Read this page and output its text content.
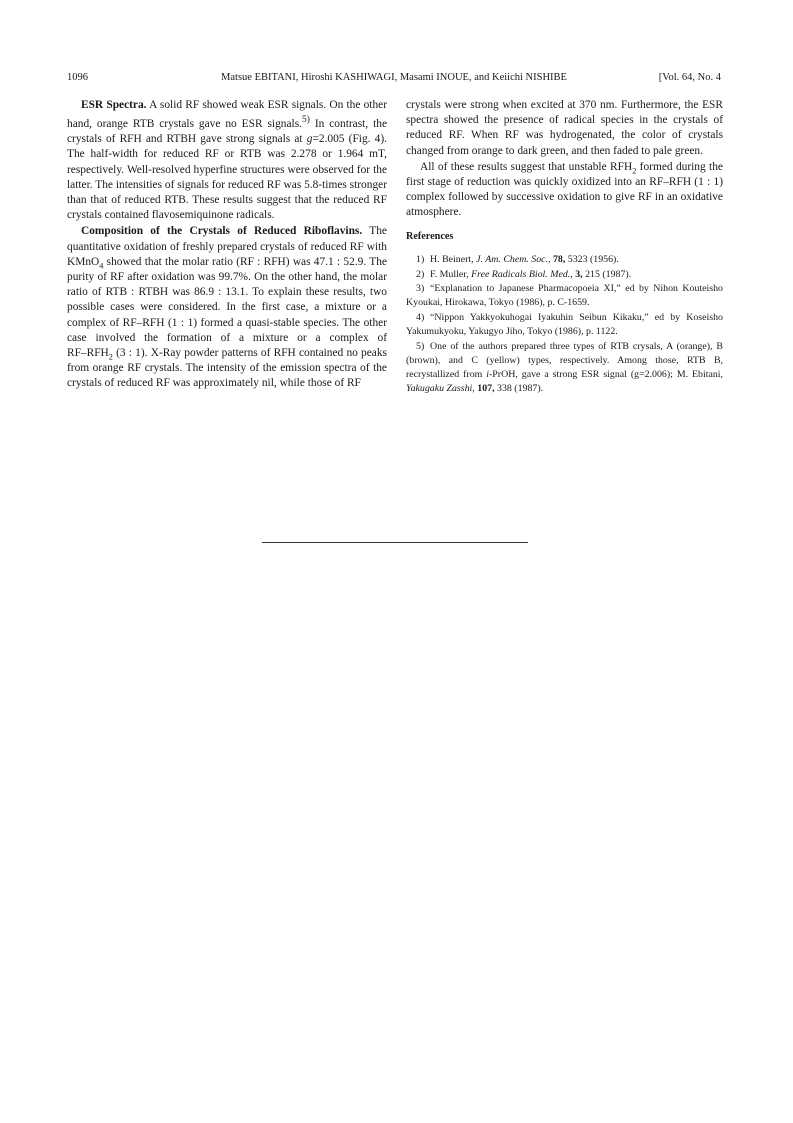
1096	Matsue EBITANI, Hiroshi KASHIWAGI, Masami INOUE, and Keiichi NISHIBE	[Vol. 64, No. 4

ESR Spectra. A solid RF showed weak ESR signals. On the other hand, orange RTB crystals gave no ESR signals.$^{5)}$ In contrast, the crystals of RFH and RTBH gave strong signals at g=2.005 (Fig. 4). The half-width for reduced RF or RTB was 2.278 or 1.964 mT, respectively. Well-resolved hyperfine structures were observed for the latter. The intensities of signals for reduced RF was 5.8-times stronger than that of reduced RTB. These results suggest that the reduced RF crystals contained flavosemiquinone radicals.

Composition of the Crystals of Reduced Riboflavins. The quantitative oxidation of freshly prepared crystals of reduced RF with KMnO$_4$ showed that the molar ratio (RF : RFH) was 47.1 : 52.9. The purity of RF after oxidation was 99.7%. On the other hand, the molar ratio of RTB : RTBH was 86.9 : 13.1. To explain these results, two possible cases were considered. In the first case, a mixture or a complex of RF–RFH (1 : 1) formed a quasi-stable species. The other case involved the formation of a mixture or a complex of $RF-RFH_2$ (3 : 1). X-Ray powder patterns of RFH contained no peaks from orange RF crystals. The intensity of the emission spectra of the crystals of reduced RF was approximately nil, while those of RF

crystals were strong when excited at 370 nm. Furthermore, the ESR spectra showed the presence of radical species in the crystals of reduced RF. When RF was hydrogenated, the color of crystals changed from orange to dark green, and then faded to pale green.

All of these results suggest that unstable $RFH_2$ formed during the first stage of reduction was quickly oxidized into an RF–RFH (1 : 1) complex followed by successive oxidation to give RF in an oxidative atmosphere.

References

1) H. Beinert, J. Am. Chem. Soc., 78, 5323 (1956).

2) F. Muller, Free Radicals Biol. Med., 3, 215 (1987).

3) “Explanation to Japanese Pharmacopoeia XI,” ed by Nihon Kouteisho Kyoukai, Hirokawa, Tokyo (1986), p. C-1659.

4) “Nippon Yakkyokuhogai Iyakuhin Seibun Kikaku,” ed by Koseisho Yakumukyoku, Yakugyo Jiho, Tokyo (1986), p. 1122.

5) One of the authors prepared three types of RTB crysals, A (orange), B (brown), and C (yellow) types, respectively. Among those, RTB B, recrystallized from i-PrOH, gave a strong ESR signal (g=2.006); M. Ebitani, Yakugaku Zasshi, 107, 338 (1987).
